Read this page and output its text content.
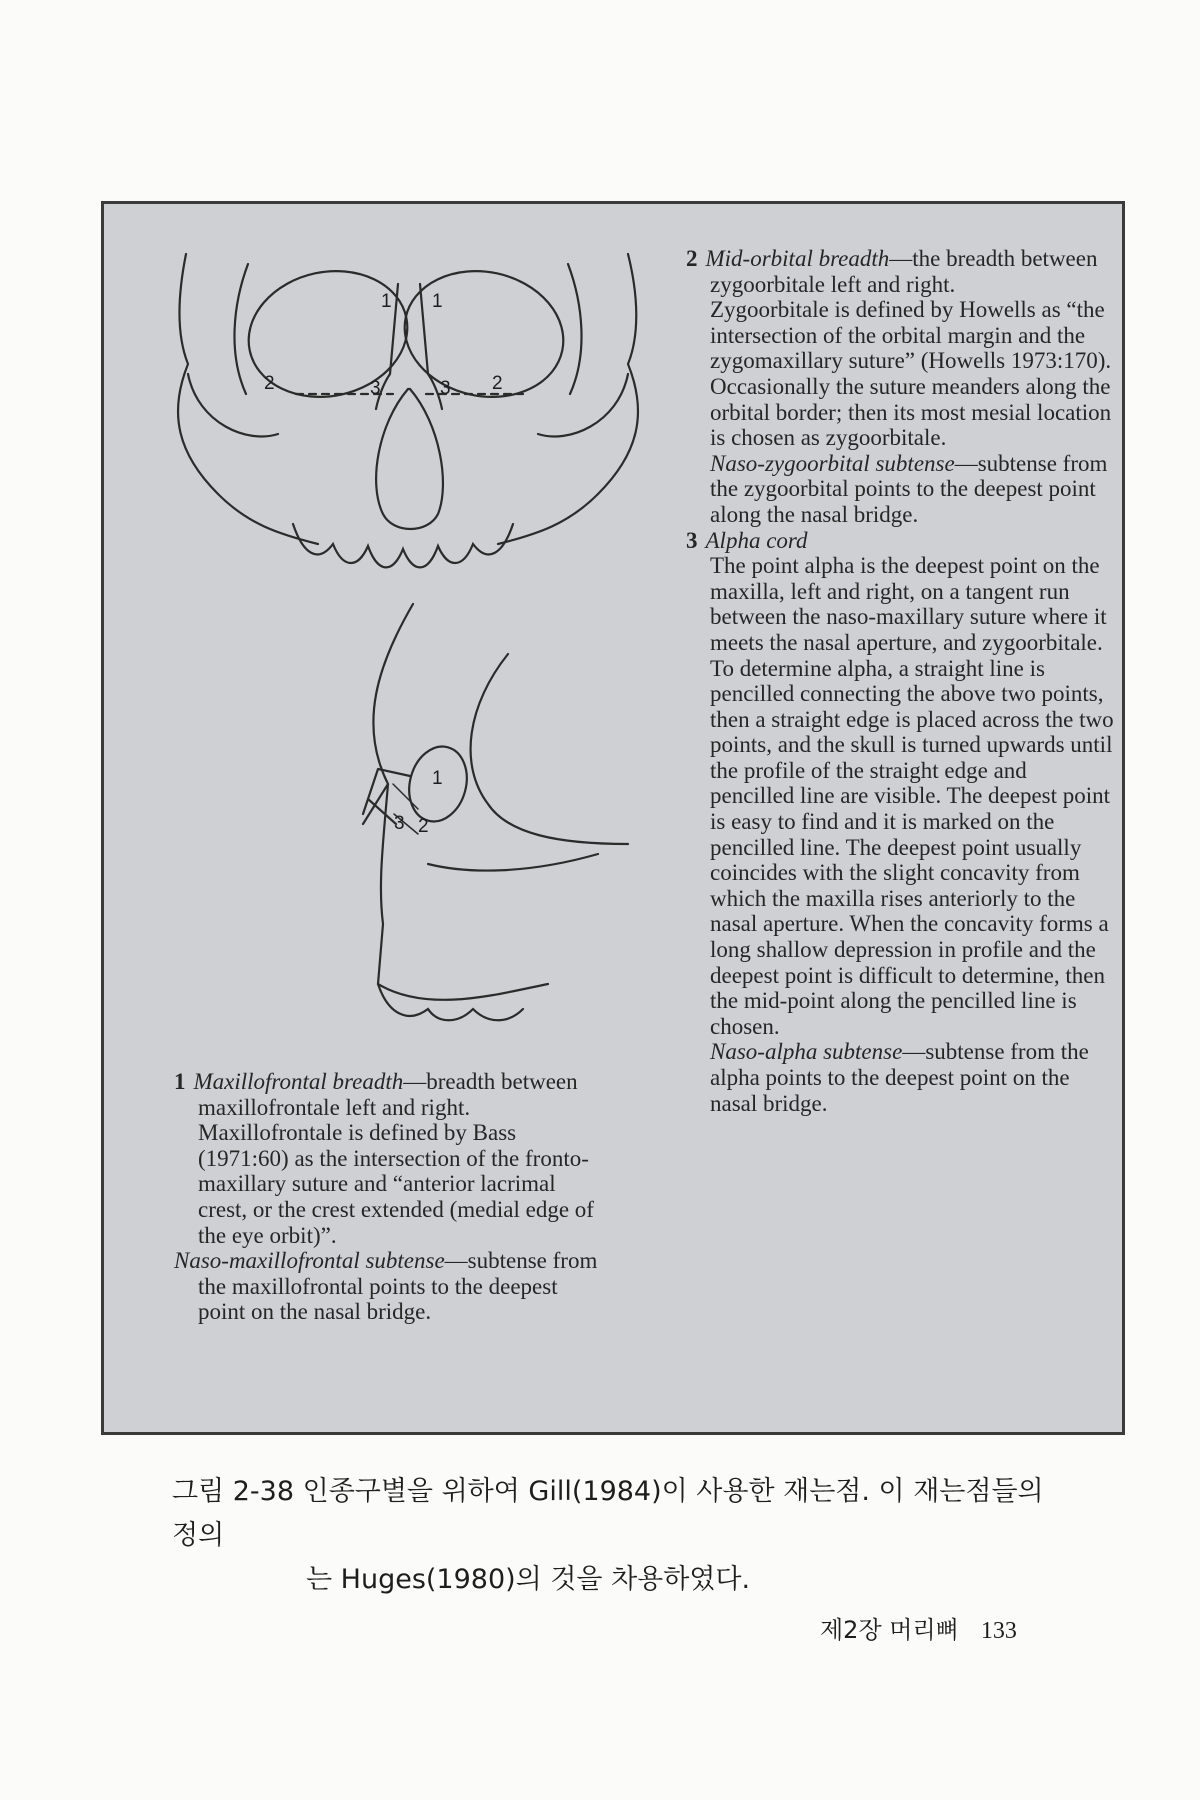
1 1
2	3	3 2
1
3 2

1 Maxillofrontal breadth—breadth between maxillofrontale left and right.

Maxillofrontale is defined by Bass (1971:60) as the intersection of the fronto-maxillary suture and “anterior lacrimal crest, or the crest extended (medial edge of the eye orbit)”.

Naso-maxillofrontal subtense—subtense from the maxillofrontal points to the deepest point on the nasal bridge.

2 Mid-orbital breadth—the breadth between zygoorbitale left and right.

Zygoorbitale is defined by Howells as “the intersection of the orbital margin and the zygomaxillary suture” (Howells 1973:170). Occasionally the suture meanders along the orbital border; then its most mesial location is chosen as zygoorbitale.

Naso-zygoorbital subtense—subtense from the zygoorbital points to the deepest point along the nasal bridge.

3 Alpha cord

The point alpha is the deepest point on the maxilla, left and right, on a tangent run between the naso-maxillary suture where it meets the nasal aperture, and zygoorbitale.

To determine alpha, a straight line is pencilled connecting the above two points, then a straight edge is placed across the two points, and the skull is turned upwards until the profile of the straight edge and pencilled line are visible. The deepest point is easy to find and it is marked on the pencilled line. The deepest point usually coincides with the slight concavity from which the maxilla rises anteriorly to the nasal aperture. When the concavity forms a long shallow depression in profile and the deepest point is difficult to determine, then the mid-point along the pencilled line is chosen.

Naso-alpha subtense—subtense from the alpha points to the deepest point on the nasal bridge.

그림 2-38 인종구별을 위하여 Gill(1984)이 사용한 재는점. 이 재는점들의 정의
는 Huges(1980)의 것을 차용하였다.
제2장 머리뼈 133
